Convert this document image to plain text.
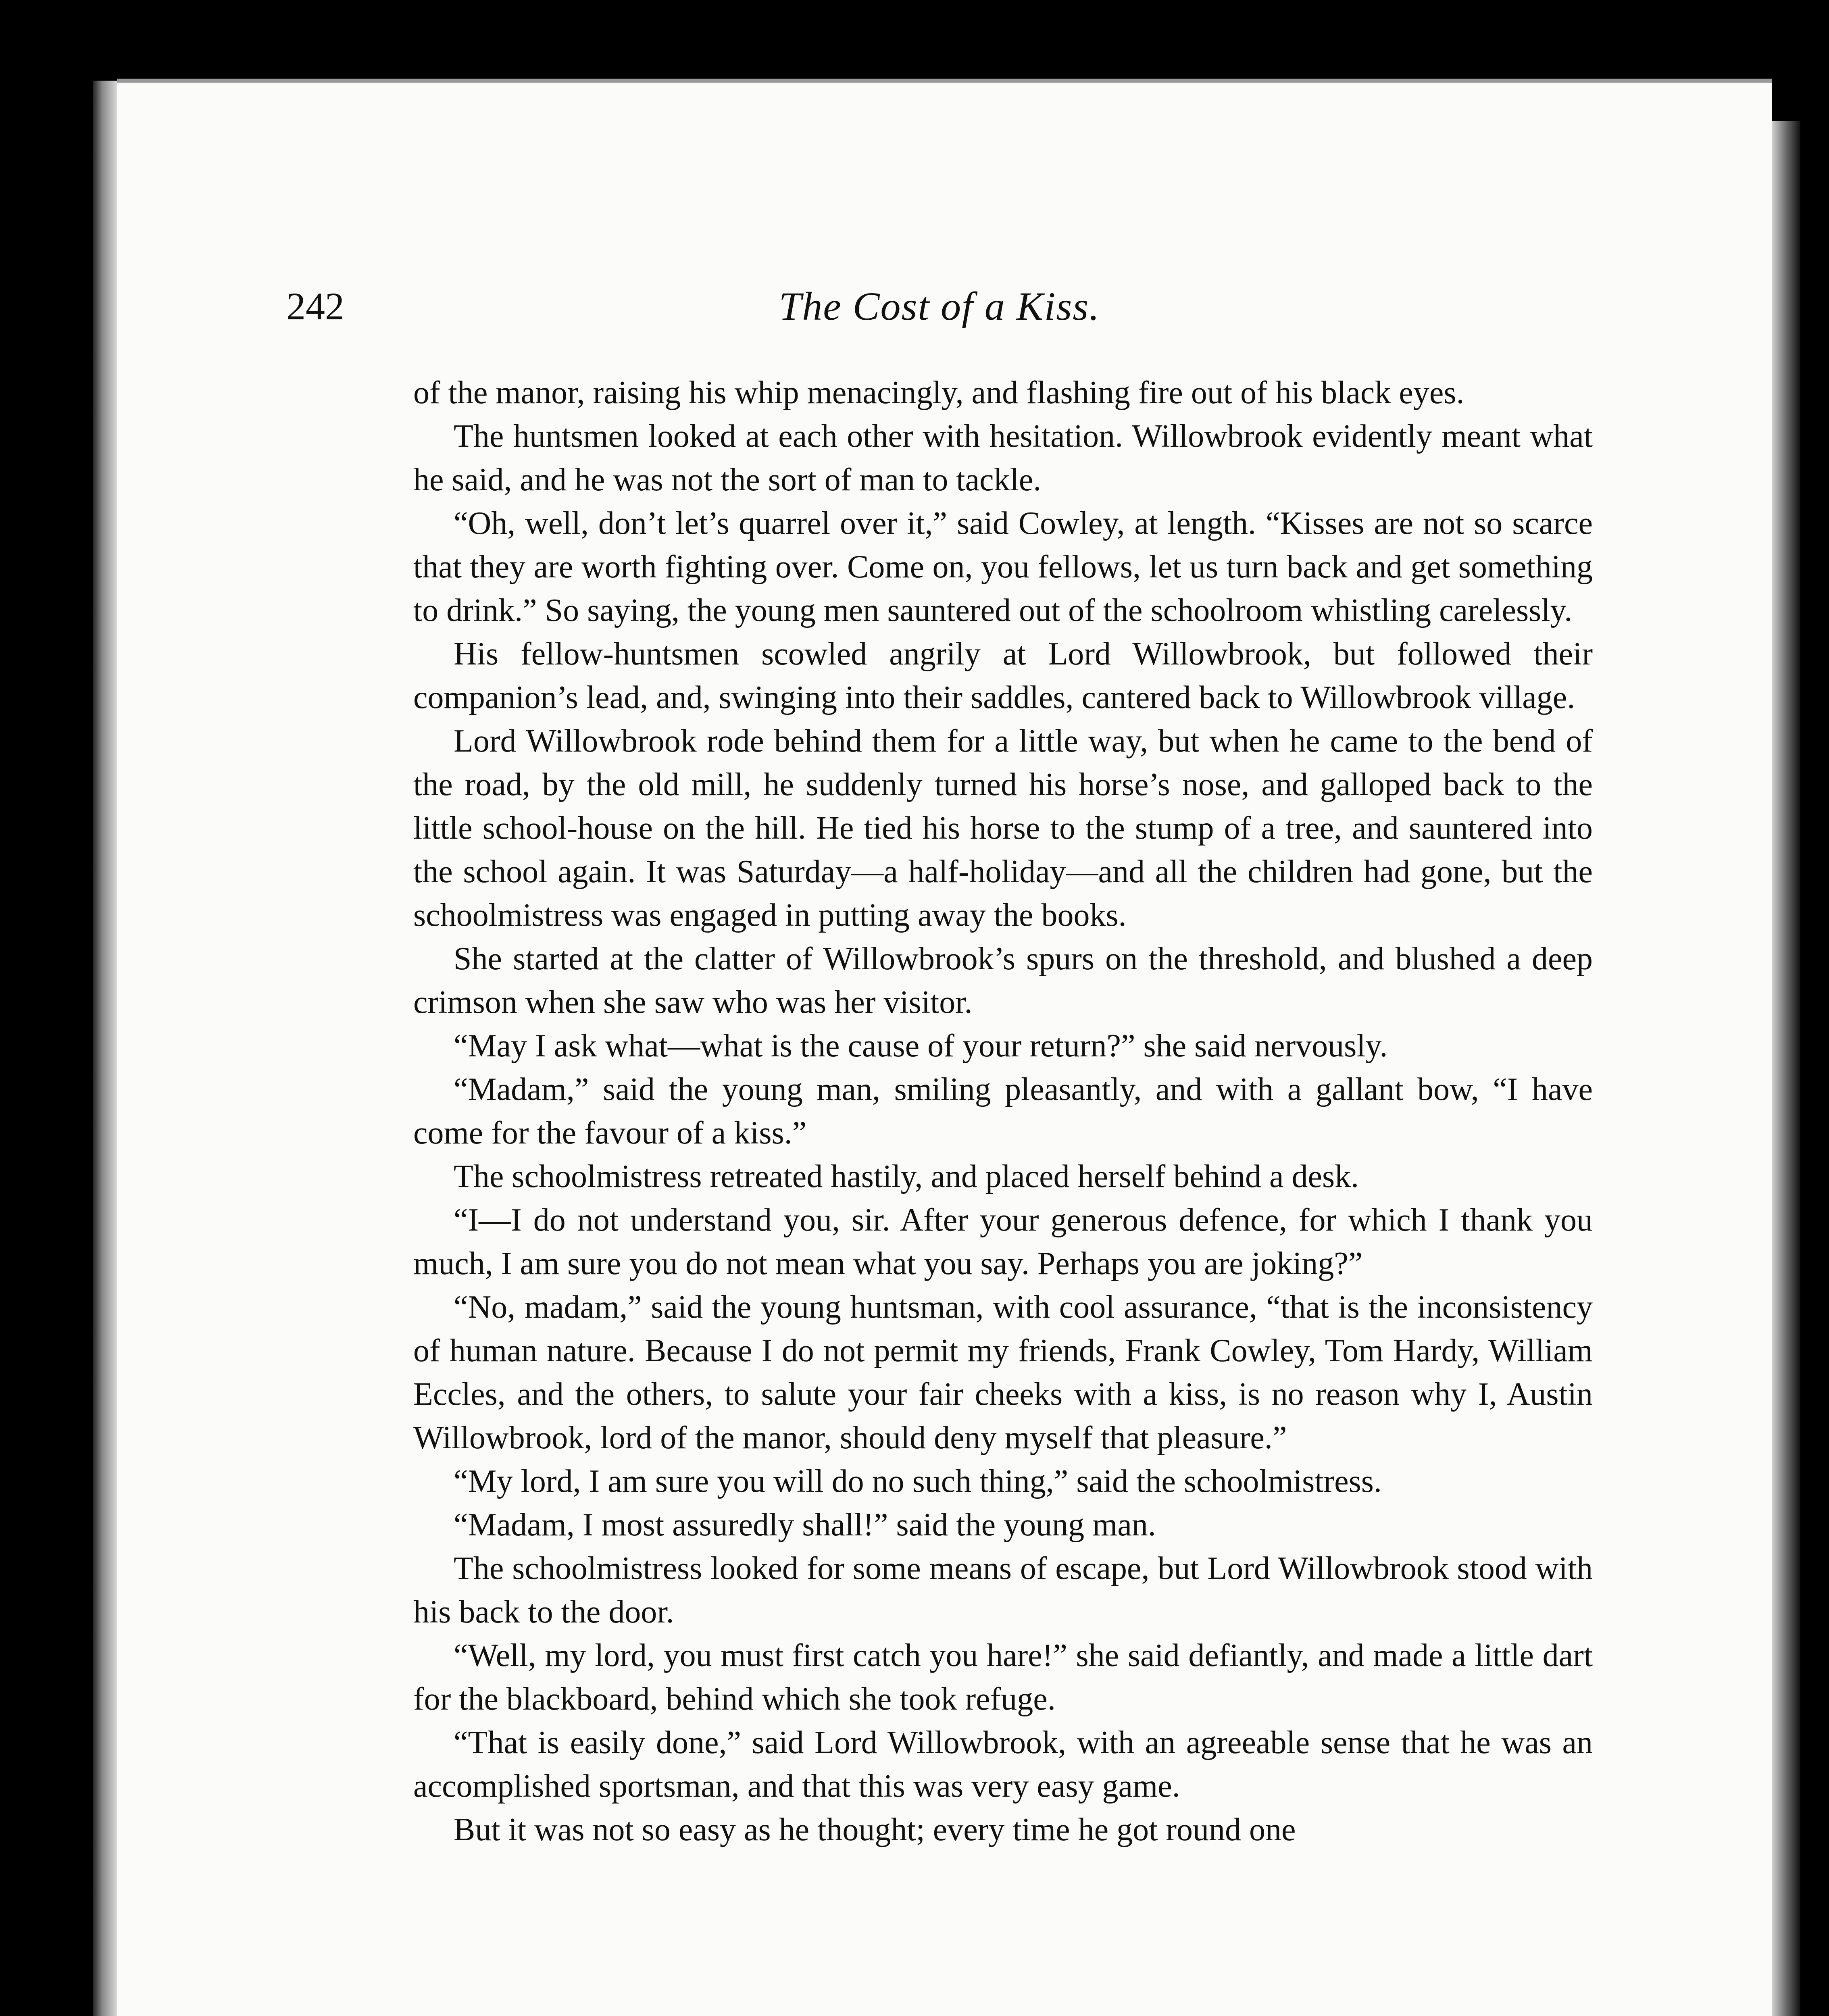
242	The Cost of a Kiss.

of the manor, raising his whip menacingly, and flashing fire out of his black eyes.

The huntsmen looked at each other with hesitation. Willowbrook evidently meant what he said, and he was not the sort of man to tackle.

“Oh, well, don’t let’s quarrel over it,” said Cowley, at length. “Kisses are not so scarce that they are worth fighting over. Come on, you fellows, let us turn back and get something to drink.” So saying, the young men sauntered out of the schoolroom whistling carelessly.

His fellow-huntsmen scowled angrily at Lord Willowbrook, but followed their companion’s lead, and, swinging into their saddles, cantered back to Willowbrook village.

Lord Willowbrook rode behind them for a little way, but when he came to the bend of the road, by the old mill, he suddenly turned his horse’s nose, and galloped back to the little school-house on the hill. He tied his horse to the stump of a tree, and sauntered into the school again. It was Saturday—a half-holiday—and all the children had gone, but the schoolmistress was engaged in putting away the books.

She started at the clatter of Willowbrook’s spurs on the threshold, and blushed a deep crimson when she saw who was her visitor.

“May I ask what—what is the cause of your return?” she said nervously.

“Madam,” said the young man, smiling pleasantly, and with a gallant bow, “I have come for the favour of a kiss.”

The schoolmistress retreated hastily, and placed herself behind a desk.

“I—I do not understand you, sir. After your generous defence, for which I thank you much, I am sure you do not mean what you say. Perhaps you are joking?”

“No, madam,” said the young huntsman, with cool assurance, “that is the inconsistency of human nature. Because I do not permit my friends, Frank Cowley, Tom Hardy, William Eccles, and the others, to salute your fair cheeks with a kiss, is no reason why I, Austin Willowbrook, lord of the manor, should deny myself that pleasure.”

“My lord, I am sure you will do no such thing,” said the schoolmistress.

“Madam, I most assuredly shall!” said the young man.

The schoolmistress looked for some means of escape, but Lord Willowbrook stood with his back to the door.

“Well, my lord, you must first catch you hare!” she said defiantly, and made a little dart for the blackboard, behind which she took refuge.

“That is easily done,” said Lord Willowbrook, with an agreeable sense that he was an accomplished sportsman, and that this was very easy game.

But it was not so easy as he thought; every time he got round one
